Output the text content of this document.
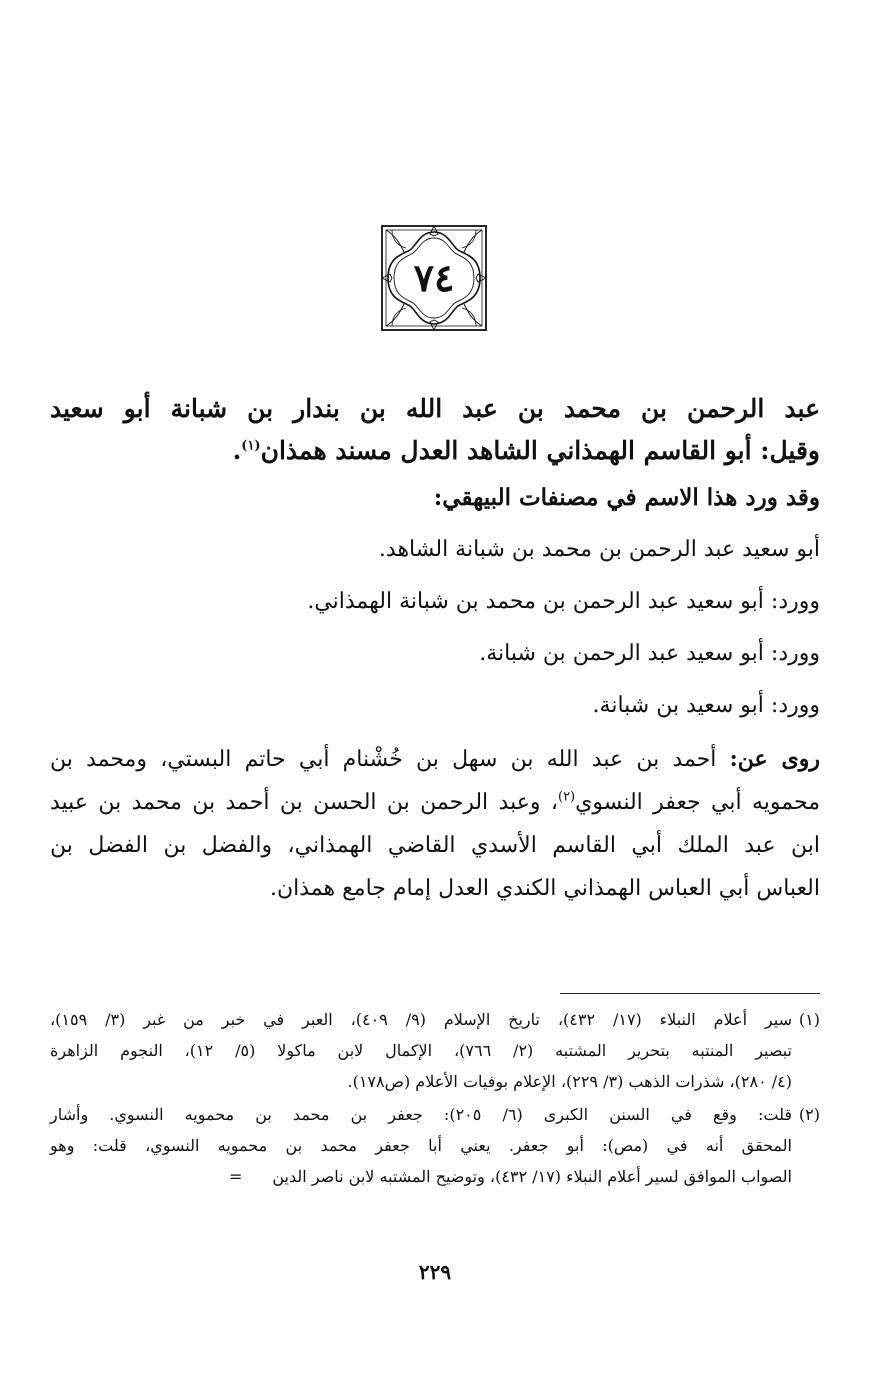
٧٤

عبد الرحمن بن محمد بن عبد الله بن بندار بن شبانة أبو سعيد

وقيل: أبو القاسم الهمذاني الشاهد العدل مسند همذان$^{(١)}$.

وقد ورد هذا الاسم في مصنفات البيهقي:

أبو سعيد عبد الرحمن بن محمد بن شبانة الشاهد.

وورد: أبو سعيد عبد الرحمن بن محمد بن شبانة الهمذاني.

وورد: أبو سعيد عبد الرحمن بن شبانة.

وورد: أبو سعيد بن شبانة.

روى عن: أحمد بن عبد الله بن سهل بن خُشْنام أبي حاتم البستي، ومحمد بن
محمويه أبي جعفر النسوي$^{(٢)}$، وعبد الرحمن بن الحسن بن أحمد بن محمد بن عبيد
ابن عبد الملك أبي القاسم الأسدي القاضي الهمذاني، والفضل بن الفضل بن
العباس أبي العباس الهمذاني الكندي العدل إمام جامع همذان.
(١)سير أعلام النبلاء (١٧/ ٤٣٢)، تاريخ الإسلام (٩/ ٤٠٩)، العبر في خبر من غبر (٣/ ١٥٩)،
تبصير المنتبه بتحرير المشتبه (٢/ ٧٦٦)، الإكمال لابن ماكولا (٥/ ١٢)، النجوم الزاهرة
(٤/ ٢٨٠)، شذرات الذهب (٣/ ٢٢٩)، الإعلام بوفيات الأعلام (ص١٧٨).
(٢)قلت: وقع في السنن الكبرى (٦/ ٢٠٥): جعفر بن محمد بن محمويه النسوي. وأشار
المحقق أنه في (مص): أبو جعفر. يعني أبا جعفر محمد بن محمويه النسوي، قلت: وهو
الصواب الموافق لسير أعلام النبلاء (١٧/ ٤٣٢)، وتوضيح المشتبه لابن ناصر الدين=
٢٢٩
